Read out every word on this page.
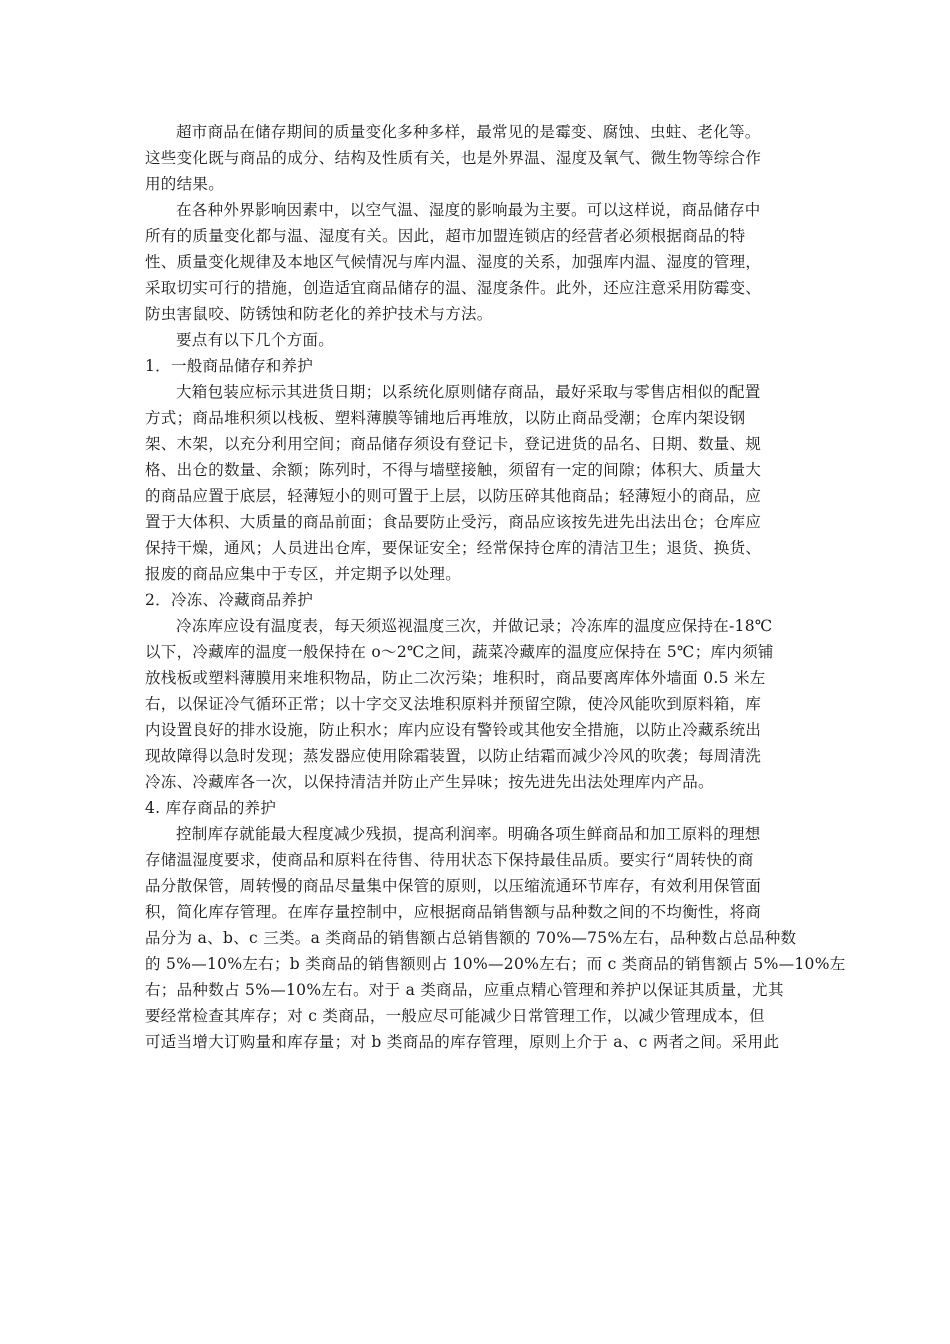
超市商品在储存期间的质量变化多种多样，最常见的是霉变、腐蚀、虫蛀、老化等。
这些变化既与商品的成分、结构及性质有关，也是外界温、湿度及氧气、微生物等综合作
用的结果。
在各种外界影响因素中，以空气温、湿度的影响最为主要。可以这样说，商品储存中
所有的质量变化都与温、湿度有关。因此，超市加盟连锁店的经营者必须根据商品的特
性、质量变化规律及本地区气候情况与库内温、湿度的关系，加强库内温、湿度的管理，
采取切实可行的措施，创造适宜商品储存的温、湿度条件。此外，还应注意采用防霉变、
防虫害鼠咬、防锈蚀和防老化的养护技术与方法。
要点有以下几个方面。
1．一般商品储存和养护
大箱包装应标示其进货日期；以系统化原则储存商品，最好采取与零售店相似的配置
方式；商品堆积须以栈板、塑料薄膜等铺地后再堆放，以防止商品受潮；仓库内架设钢
架、木架，以充分利用空间；商品储存须设有登记卡，登记进货的品名、日期、数量、规
格、出仓的数量、余额；陈列时，不得与墙壁接触，须留有一定的间隙；体积大、质量大
的商品应置于底层，轻薄短小的则可置于上层，以防压碎其他商品；轻薄短小的商品，应
置于大体积、大质量的商品前面；食品要防止受污，商品应该按先进先出法出仓；仓库应
保持干燥，通风；人员进出仓库，要保证安全；经常保持仓库的清洁卫生；退货、换货、
报废的商品应集中于专区，并定期予以处理。
2．冷冻、冷藏商品养护
冷冻库应设有温度表，每天须巡视温度三次，并做记录；冷冻库的温度应保持在-18℃
以下，冷藏库的温度一般保持在 o～2℃之间，蔬菜冷藏库的温度应保持在 5℃；库内须铺
放栈板或塑料薄膜用来堆积物品，防止二次污染；堆积时，商品要离库体外墙面 0.5 米左
右，以保证冷气循环正常；以十字交叉法堆积原料并预留空隙，使冷风能吹到原料箱，库
内设置良好的排水设施，防止积水；库内应设有警铃或其他安全措施，以防止冷藏系统出
现故障得以急时发现；蒸发器应使用除霜装置，以防止结霜而减少冷风的吹袭；每周清洗
冷冻、冷藏库各一次，以保持清洁并防止产生异味；按先进先出法处理库内产品。
4. 库存商品的养护
控制库存就能最大程度减少残损，提高利润率。明确各项生鲜商品和加工原料的理想
存储温湿度要求，使商品和原料在待售、待用状态下保持最佳品质。要实行“周转快的商
品分散保管，周转慢的商品尽量集中保管的原则，以压缩流通环节库存，有效利用保管面
积，简化库存管理。在库存量控制中，应根据商品销售额与品种数之间的不均衡性，将商
品分为 a、b、c 三类。a 类商品的销售额占总销售额的 70%—75%左右，品种数占总品种数
的 5%—10%左右；b 类商品的销售额则占 10%—20%左右；而 c 类商品的销售额占 5%—10%左
右；品种数占 5%—10%左右。对于 a 类商品，应重点精心管理和养护以保证其质量，尤其
要经常检查其库存；对 c 类商品，一般应尽可能减少日常管理工作，以减少管理成本，但
可适当增大订购量和库存量；对 b 类商品的库存管理，原则上介于 a、c 两者之间。采用此
